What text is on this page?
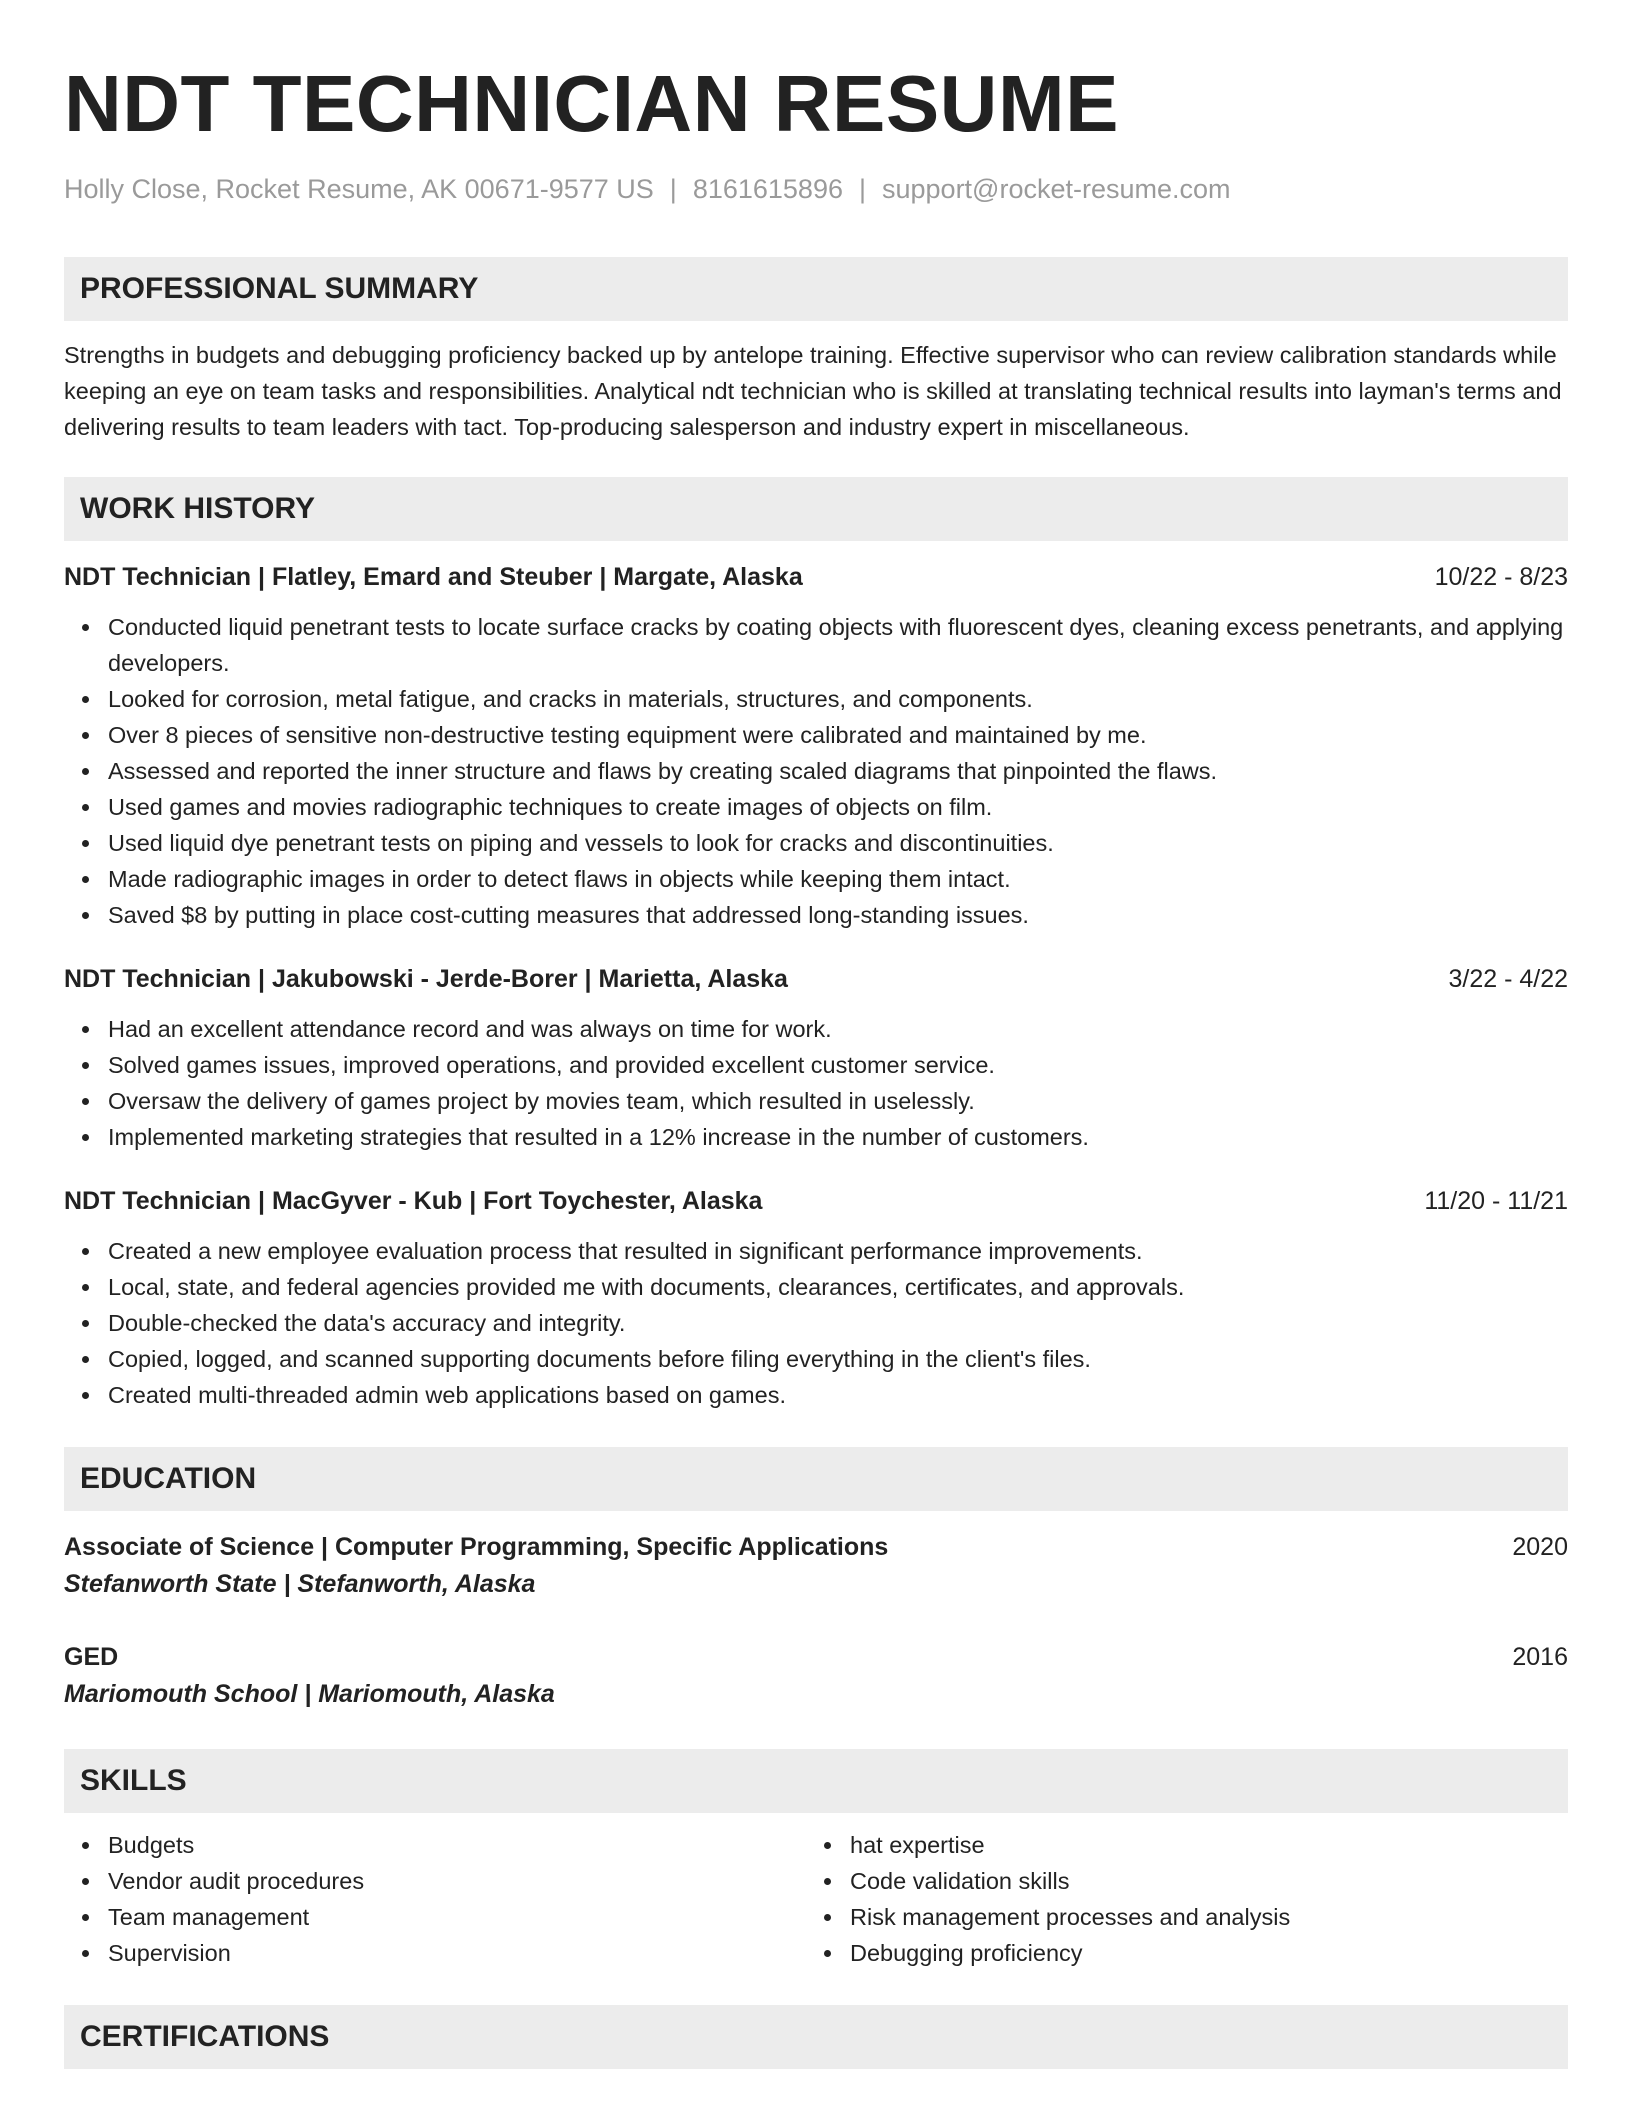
NDT TECHNICIAN RESUME
Holly Close, Rocket Resume, AK 00671-9577 US | 8161615896 | support@rocket-resume.com
PROFESSIONAL SUMMARY
Strengths in budgets and debugging proficiency backed up by antelope training. Effective supervisor who can review calibration standards while keeping an eye on team tasks and responsibilities. Analytical ndt technician who is skilled at translating technical results into layman's terms and delivering results to team leaders with tact. Top-producing salesperson and industry expert in miscellaneous.
WORK HISTORY
NDT Technician | Flatley, Emard and Steuber | Margate, Alaska	10/22 - 8/23
Conducted liquid penetrant tests to locate surface cracks by coating objects with fluorescent dyes, cleaning excess penetrants, and applying developers.
Looked for corrosion, metal fatigue, and cracks in materials, structures, and components.
Over 8 pieces of sensitive non-destructive testing equipment were calibrated and maintained by me.
Assessed and reported the inner structure and flaws by creating scaled diagrams that pinpointed the flaws.
Used games and movies radiographic techniques to create images of objects on film.
Used liquid dye penetrant tests on piping and vessels to look for cracks and discontinuities.
Made radiographic images in order to detect flaws in objects while keeping them intact.
Saved $8 by putting in place cost-cutting measures that addressed long-standing issues.
NDT Technician | Jakubowski - Jerde-Borer | Marietta, Alaska	3/22 - 4/22
Had an excellent attendance record and was always on time for work.
Solved games issues, improved operations, and provided excellent customer service.
Oversaw the delivery of games project by movies team, which resulted in uselessly.
Implemented marketing strategies that resulted in a 12% increase in the number of customers.
NDT Technician | MacGyver - Kub | Fort Toychester, Alaska	11/20 - 11/21
Created a new employee evaluation process that resulted in significant performance improvements.
Local, state, and federal agencies provided me with documents, clearances, certificates, and approvals.
Double-checked the data's accuracy and integrity.
Copied, logged, and scanned supporting documents before filing everything in the client's files.
Created multi-threaded admin web applications based on games.
EDUCATION
Associate of Science | Computer Programming, Specific Applications	2020
Stefanworth State | Stefanworth, Alaska
GED	2016
Mariomouth School | Mariomouth, Alaska
SKILLS
Budgets
Vendor audit procedures
Team management
Supervision
hat expertise
Code validation skills
Risk management processes and analysis
Debugging proficiency
CERTIFICATIONS
